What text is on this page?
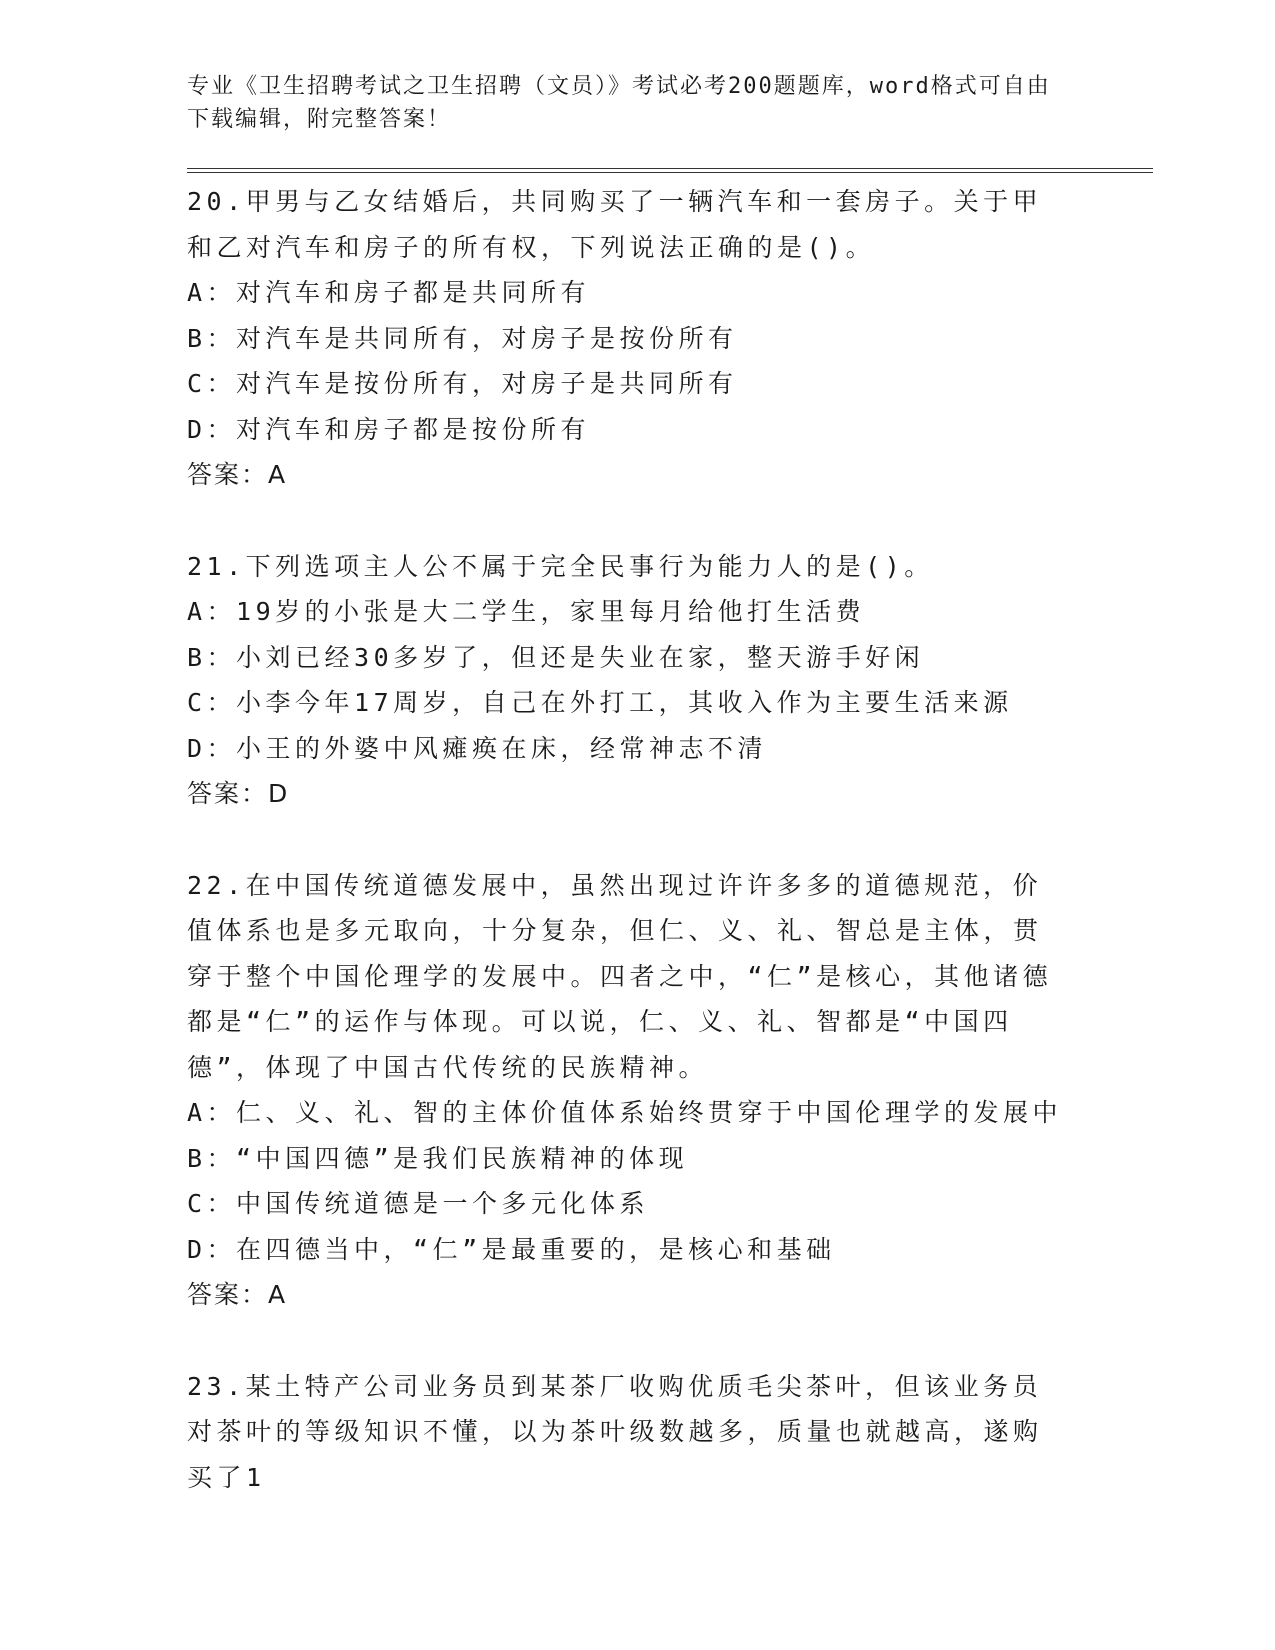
专业《卫生招聘考试之卫生招聘（文员）》考试必考200题题库，word格式可自由下载编辑，附完整答案！

20.甲男与乙女结婚后，共同购买了一辆汽车和一套房子。关于甲和乙对汽车和房子的所有权，下列说法正确的是()。

A：对汽车和房子都是共同所有

B：对汽车是共同所有，对房子是按份所有

C：对汽车是按份所有，对房子是共同所有

D：对汽车和房子都是按份所有

答案：A

21.下列选项主人公不属于完全民事行为能力人的是()。

A：19岁的小张是大二学生，家里每月给他打生活费

B：小刘已经30多岁了，但还是失业在家，整天游手好闲

C：小李今年17周岁，自己在外打工，其收入作为主要生活来源

D：小王的外婆中风瘫痪在床，经常神志不清

答案：D

22.在中国传统道德发展中，虽然出现过许许多多的道德规范，价值体系也是多元取向，十分复杂，但仁、义、礼、智总是主体，贯穿于整个中国伦理学的发展中。四者之中，“仁”是核心，其他诸德都是“仁”的运作与体现。可以说，仁、义、礼、智都是“中国四德”，体现了中国古代传统的民族精神。

A：仁、义、礼、智的主体价值体系始终贯穿于中国伦理学的发展中

B：“中国四德”是我们民族精神的体现

C：中国传统道德是一个多元化体系

D：在四德当中，“仁”是最重要的，是核心和基础

答案：A

23.某土特产公司业务员到某茶厂收购优质毛尖茶叶，但该业务员对茶叶的等级知识不懂，以为茶叶级数越多，质量也就越高，遂购买了1
